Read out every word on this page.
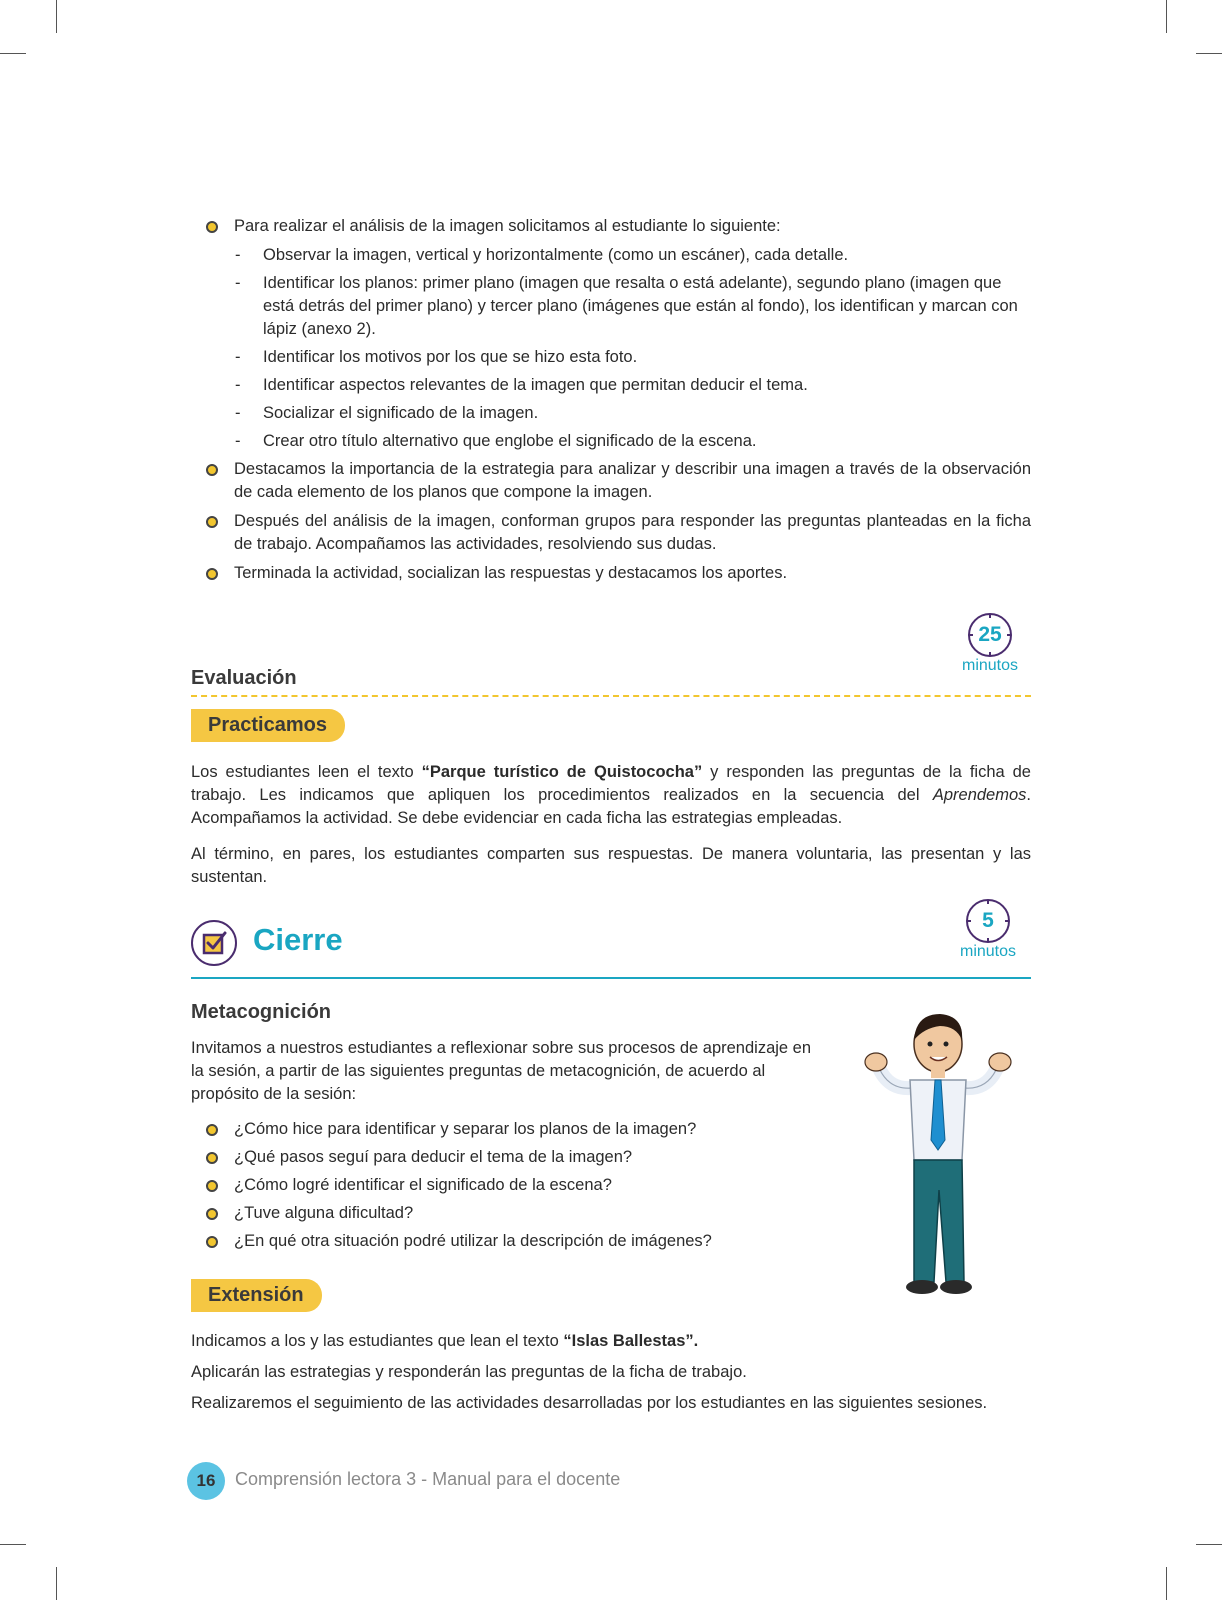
Para realizar el análisis de la imagen solicitamos al estudiante lo siguiente:
- Observar la imagen, vertical y horizontalmente (como un escáner), cada detalle.
- Identificar los planos: primer plano (imagen que resalta o está adelante), segundo plano (imagen que está detrás del primer plano) y tercer plano (imágenes que están al fondo), los identifican y marcan con lápiz (anexo 2).
- Identificar los motivos por los que se hizo esta foto.
- Identificar aspectos relevantes de la imagen que permitan deducir el tema.
- Socializar el significado de la imagen.
- Crear otro título alternativo que englobe el significado de la escena.
Destacamos la importancia de la estrategia para analizar y describir una imagen a través de la observación de cada elemento de los planos que compone la imagen.
Después del análisis de la imagen, conforman grupos para responder las preguntas planteadas en la ficha de trabajo. Acompañamos las actividades, resolviendo sus dudas.
Terminada la actividad, socializan las respuestas y destacamos los aportes.
25
minutos
Evaluación
Practicamos
Los estudiantes leen el texto “Parque turístico de Quistococha” y responden las preguntas de la ficha de trabajo. Les indicamos que apliquen los procedimientos realizados en la secuencia del Aprendemos. Acompañamos la actividad. Se debe evidenciar en cada ficha las estrategias empleadas.
Al término, en pares, los estudiantes comparten sus respuestas. De manera voluntaria, las presentan y las sustentan.
Cierre
5
minutos
Metacognición
Invitamos a nuestros estudiantes a reflexionar sobre sus procesos de aprendizaje en la sesión, a partir de las siguientes preguntas de metacognición, de acuerdo al propósito de la sesión:
¿Cómo hice para identificar y separar los planos de la imagen?
¿Qué pasos seguí para deducir el tema de la imagen?
¿Cómo logré identificar el significado de la escena?
¿Tuve alguna dificultad?
¿En qué otra situación podré utilizar la descripción de imágenes?
Extensión
Indicamos a los y las estudiantes que lean el texto “Islas Ballestas”.
Aplicarán las estrategias y responderán las preguntas de la ficha de trabajo.
Realizaremos el seguimiento de las actividades desarrolladas por los estudiantes en las siguientes sesiones.
16	Comprensión lectora 3 - Manual para el docente
